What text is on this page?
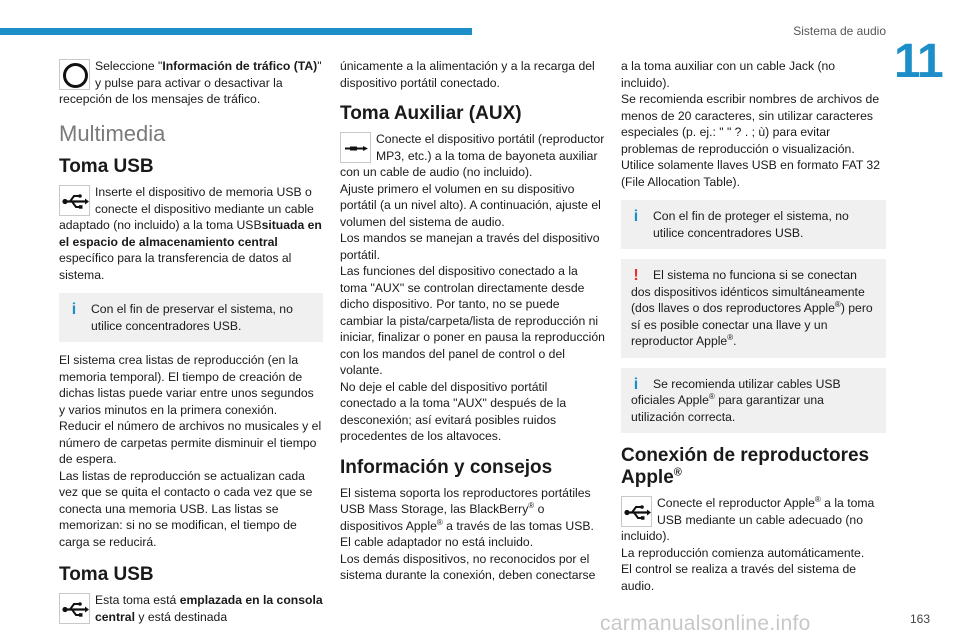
Sistema de audio
11

Seleccione "Información de tráfico (TA)" y pulse para activar o desactivar la recepción de los mensajes de tráfico.

Multimedia
Toma USB

Inserte el dispositivo de memoria USB o conecte el dispositivo mediante un cable adaptado (no incluido) a la toma USBsituada en el espacio de almacenamiento central específico para la transferencia de datos al sistema.

i	Con el fin de preservar el sistema, no utilice concentradores USB.

El sistema crea listas de reproducción (en la memoria temporal). El tiempo de creación de dichas listas puede variar entre unos segundos y varios minutos en la primera conexión.

Reducir el número de archivos no musicales y el número de carpetas permite disminuir el tiempo de espera.

Las listas de reproducción se actualizan cada vez que se quita el contacto o cada vez que se conecta una memoria USB. Las listas se memorizan: si no se modifican, el tiempo de carga se reducirá.

Toma USB

Esta toma está emplazada en la consola central y está destinada

únicamente a la alimentación y a la recarga del dispositivo portátil conectado.

Toma Auxiliar (AUX)

Conecte el dispositivo portátil (reproductor MP3, etc.) a la toma de bayoneta auxiliar con un cable de audio (no incluido).

Ajuste primero el volumen en su dispositivo portátil (a un nivel alto). A continuación, ajuste el volumen del sistema de audio.

Los mandos se manejan a través del dispositivo portátil.

Las funciones del dispositivo conectado a la toma "AUX" se controlan directamente desde dicho dispositivo. Por tanto, no se puede cambiar la pista/carpeta/lista de reproducción ni iniciar, finalizar o poner en pausa la reproducción con los mandos del panel de control o del volante.

No deje el cable del dispositivo portátil conectado a la toma "AUX" después de la desconexión; así evitará posibles ruidos procedentes de los altavoces.

Información y consejos

El sistema soporta los reproductores portátiles USB Mass Storage, las BlackBerry® o dispositivos Apple® a través de las tomas USB.

El cable adaptador no está incluido.

Los demás dispositivos, no reconocidos por el sistema durante la conexión, deben conectarse

a la toma auxiliar con un cable Jack (no incluido).

Se recomienda escribir nombres de archivos de menos de 20 caracteres, sin utilizar caracteres especiales (p. ej.: " " ? . ; ù) para evitar problemas de reproducción o visualización.

Utilice solamente llaves USB en formato FAT 32 (File Allocation Table).

i	Con el fin de proteger el sistema, no utilice concentradores USB.

!	El sistema no funciona si se conectan dos dispositivos idénticos simultáneamente (dos llaves o dos reproductores Apple®) pero sí es posible conectar una llave y un reproductor Apple®.

i	Se recomienda utilizar cables USB oficiales Apple® para garantizar una utilización correcta.

Conexión de reproductores Apple®

Conecte el reproductor Apple® a la toma USB mediante un cable adecuado (no incluido).

La reproducción comienza automáticamente.

El control se realiza a través del sistema de audio.

carmanualsonline.info	163
